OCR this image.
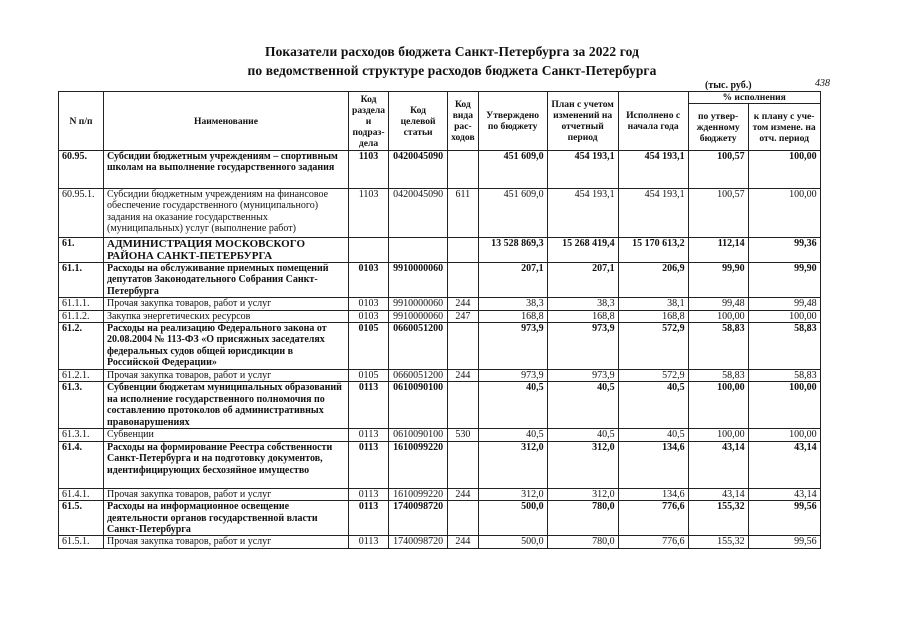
Показатели расходов бюджета Санкт-Петербурга за 2022 год
по ведомственной структуре расходов бюджета Санкт-Петербурга
(тыс. руб.)	438
N п/п	Наименование	Код раздела и подраз-дела	Код целевой статьи	Код вида рас-ходов	Утверждено по бюджету	План с учетом изменений на отчетный период	Исполнено с начала года	% исполнения	
								по утвер-жденному бюджету	к плану с уче-том измене. на отч. период
60.95.	Субсидии бюджетным учреждениям – спортивным школам на выполнение государственного задания	1103	0420045090		451 609,0	454 193,1	454 193,1	100,57	100,00
60.95.1.	Субсидии бюджетным учреждениям на финансовое обеспечение государственного (муниципального) задания на оказание государственных (муниципальных) услуг (выполнение работ)	1103	0420045090	611	451 609,0	454 193,1	454 193,1	100,57	100,00
61.	АДМИНИСТРАЦИЯ МОСКОВСКОГО РАЙОНА САНКТ-ПЕТЕРБУРГА				13 528 869,3	15 268 419,4	15 170 613,2	112,14	99,36
61.1.	Расходы на обслуживание приемных помещений депутатов Законодательного Собрания Санкт-Петербурга	0103	9910000060		207,1	207,1	206,9	99,90	99,90
61.1.1.	Прочая закупка товаров, работ и услуг	0103	9910000060	244	38,3	38,3	38,1	99,48	99,48
61.1.2.	Закупка энергетических ресурсов	0103	9910000060	247	168,8	168,8	168,8	100,00	100,00
61.2.	Расходы на реализацию Федерального закона от 20.08.2004 № 113-ФЗ «О присяжных заседателях федеральных судов общей юрисдикции в Российской Федерации»	0105	0660051200		973,9	973,9	572,9	58,83	58,83
61.2.1.	Прочая закупка товаров, работ и услуг	0105	0660051200	244	973,9	973,9	572,9	58,83	58,83
61.3.	Субвенции бюджетам муниципальных образований на исполнение государственного полномочия по составлению протоколов об административных правонарушениях	0113	0610090100		40,5	40,5	40,5	100,00	100,00
61.3.1.	Субвенции	0113	0610090100	530	40,5	40,5	40,5	100,00	100,00
61.4.	Расходы на формирование Реестра собственности Санкт-Петербурга и на подготовку документов, идентифицирующих бесхозяйное имущество	0113	1610099220		312,0	312,0	134,6	43,14	43,14
61.4.1.	Прочая закупка товаров, работ и услуг	0113	1610099220	244	312,0	312,0	134,6	43,14	43,14
61.5.	Расходы на информационное освещение деятельности органов государственной власти Санкт-Петербурга	0113	1740098720		500,0	780,0	776,6	155,32	99,56
61.5.1.	Прочая закупка товаров, работ и услуг	0113	1740098720	244	500,0	780,0	776,6	155,32	99,56
